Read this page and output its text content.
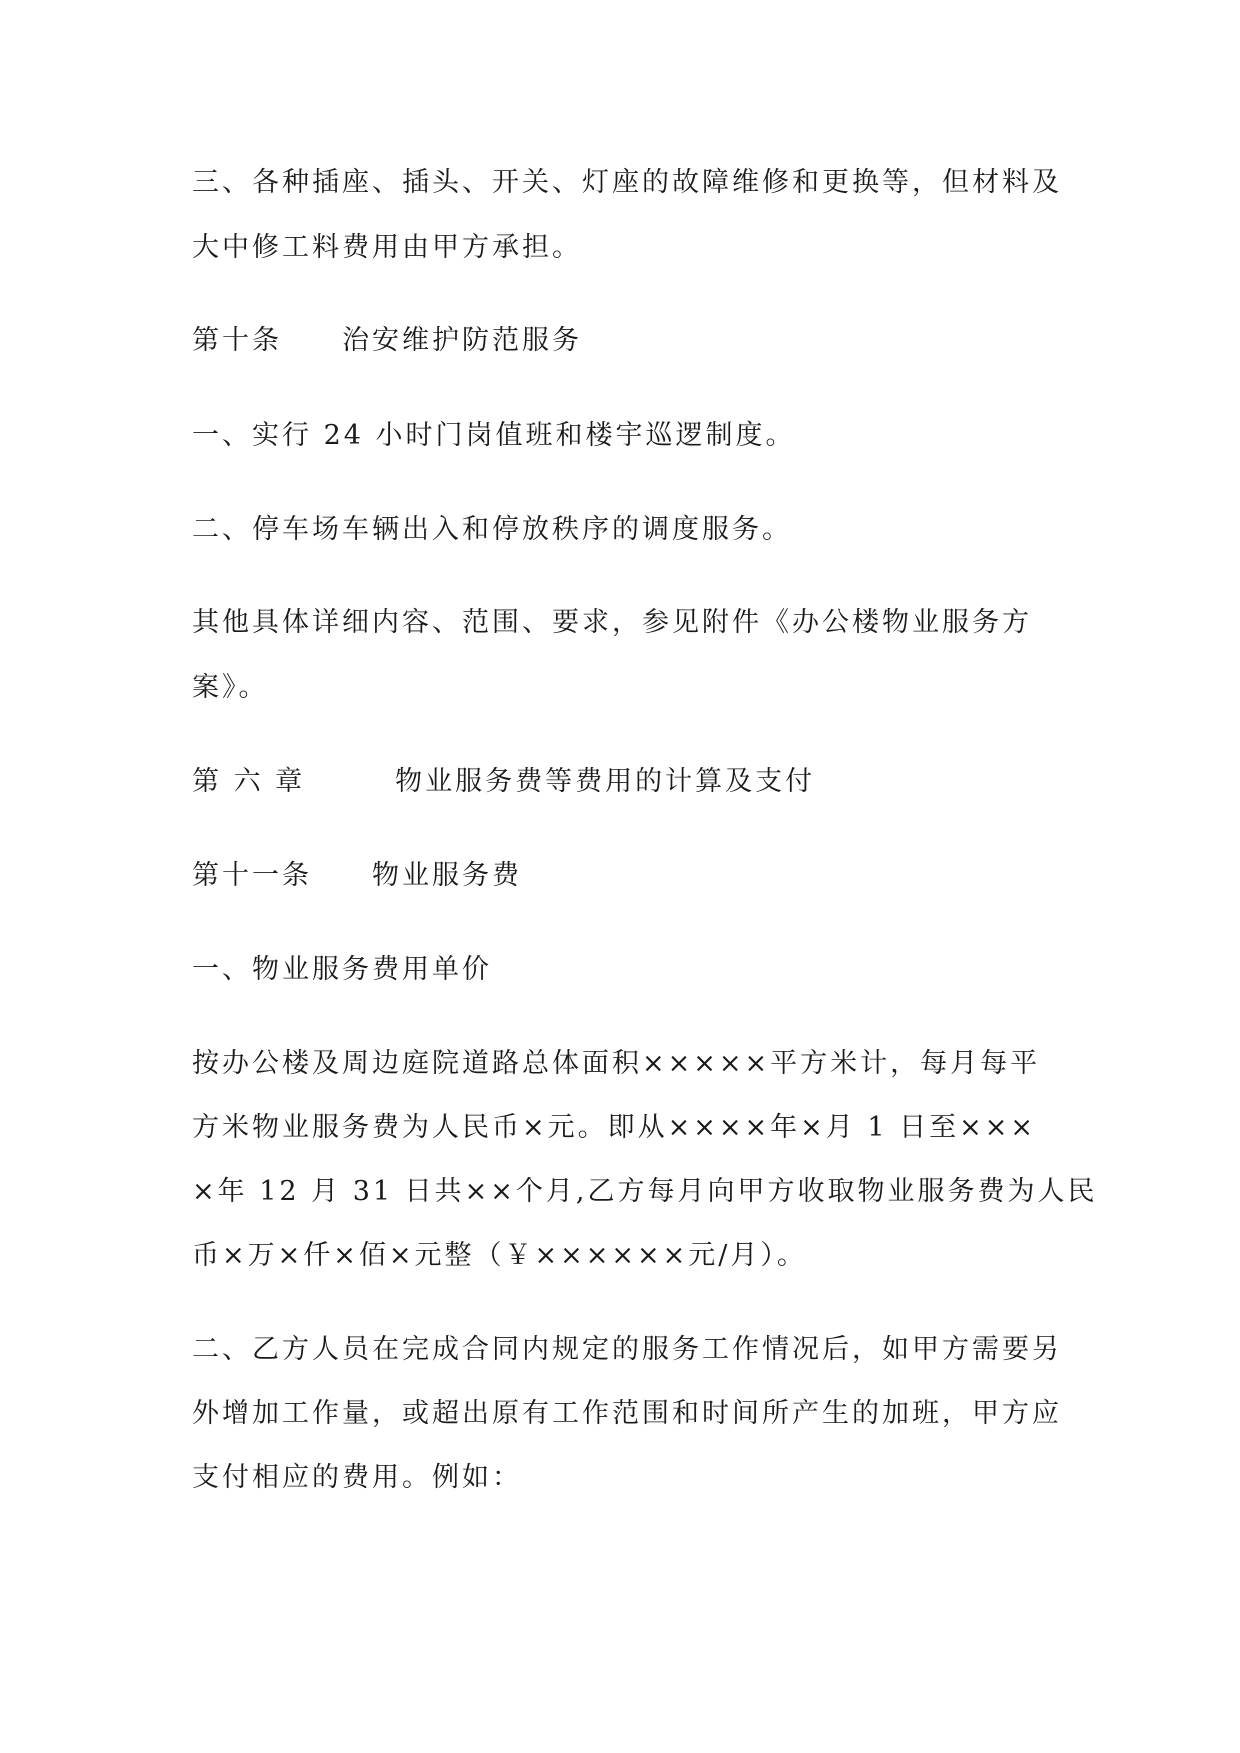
三、各种插座、插头、开关、灯座的故障维修和更换等，但材料及
大中修工料费用由甲方承担。
第十条　　治安维护防范服务
一、实行 24 小时门岗值班和楼宇巡逻制度。
二、停车场车辆出入和停放秩序的调度服务。
其他具体详细内容、范围、要求，参见附件《办公楼物业服务方
案》。
第 六 章　　　物业服务费等费用的计算及支付
第十一条　　物业服务费
一、物业服务费用单价
按办公楼及周边庭院道路总体面积×××××平方米计，每月每平
方米物业服务费为人民币×元。即从××××年×月 1 日至×××
×年 12 月 31 日共××个月,乙方每月向甲方收取物业服务费为人民
币×万×仟×佰×元整（￥××××××元/月）。
二、乙方人员在完成合同内规定的服务工作情况后，如甲方需要另
外增加工作量，或超出原有工作范围和时间所产生的加班，甲方应
支付相应的费用。例如：
